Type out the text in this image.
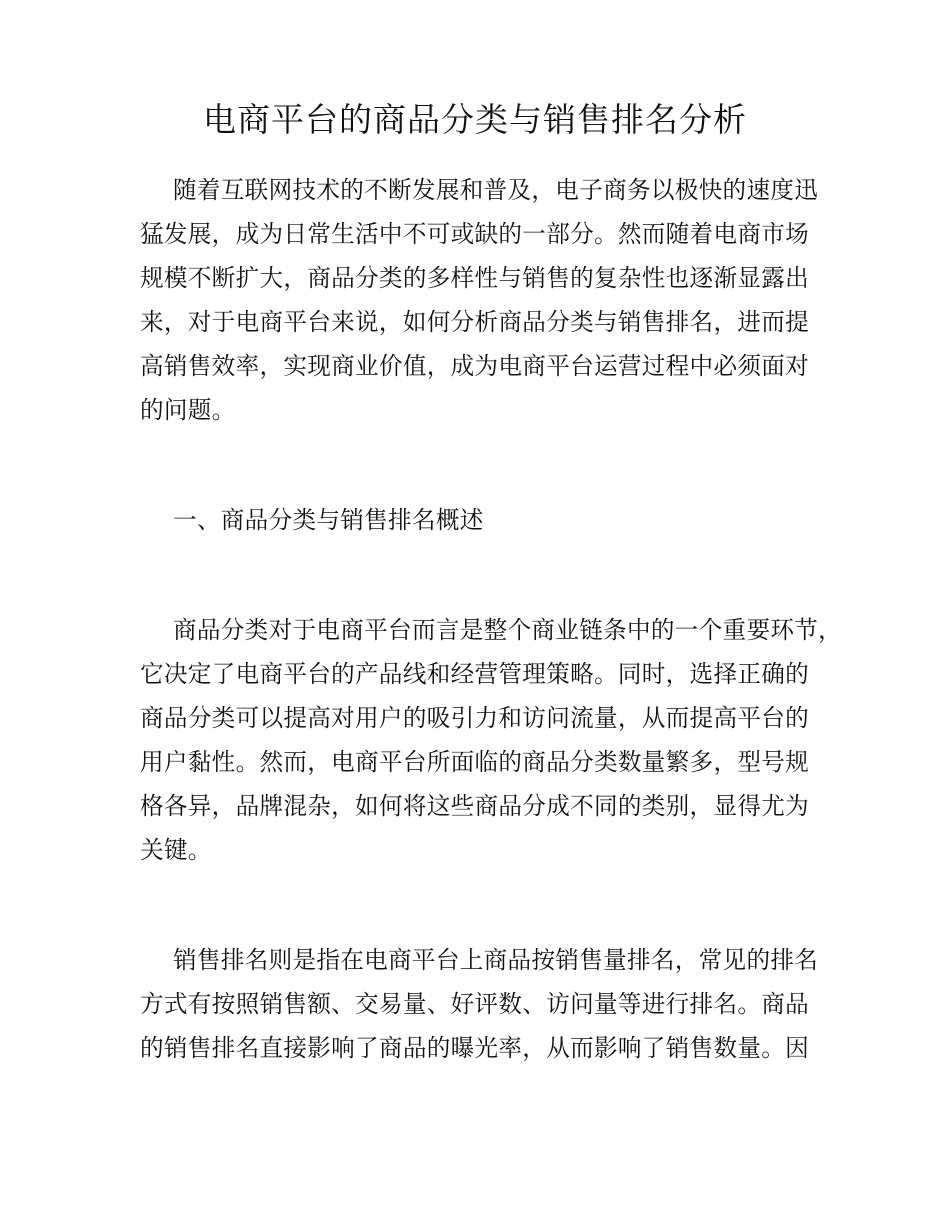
电商平台的商品分类与销售排名分析
随着互联网技术的不断发展和普及，电子商务以极快的速度迅
猛发展，成为日常生活中不可或缺的一部分。然而随着电商市场
规模不断扩大，商品分类的多样性与销售的复杂性也逐渐显露出
来，对于电商平台来说，如何分析商品分类与销售排名，进而提
高销售效率，实现商业价值，成为电商平台运营过程中必须面对
的问题。
一、商品分类与销售排名概述
商品分类对于电商平台而言是整个商业链条中的一个重要环节，
它决定了电商平台的产品线和经营管理策略。同时，选择正确的
商品分类可以提高对用户的吸引力和访问流量，从而提高平台的
用户黏性。然而，电商平台所面临的商品分类数量繁多，型号规
格各异，品牌混杂，如何将这些商品分成不同的类别，显得尤为
关键。
销售排名则是指在电商平台上商品按销售量排名，常见的排名
方式有按照销售额、交易量、好评数、访问量等进行排名。商品
的销售排名直接影响了商品的曝光率，从而影响了销售数量。因
